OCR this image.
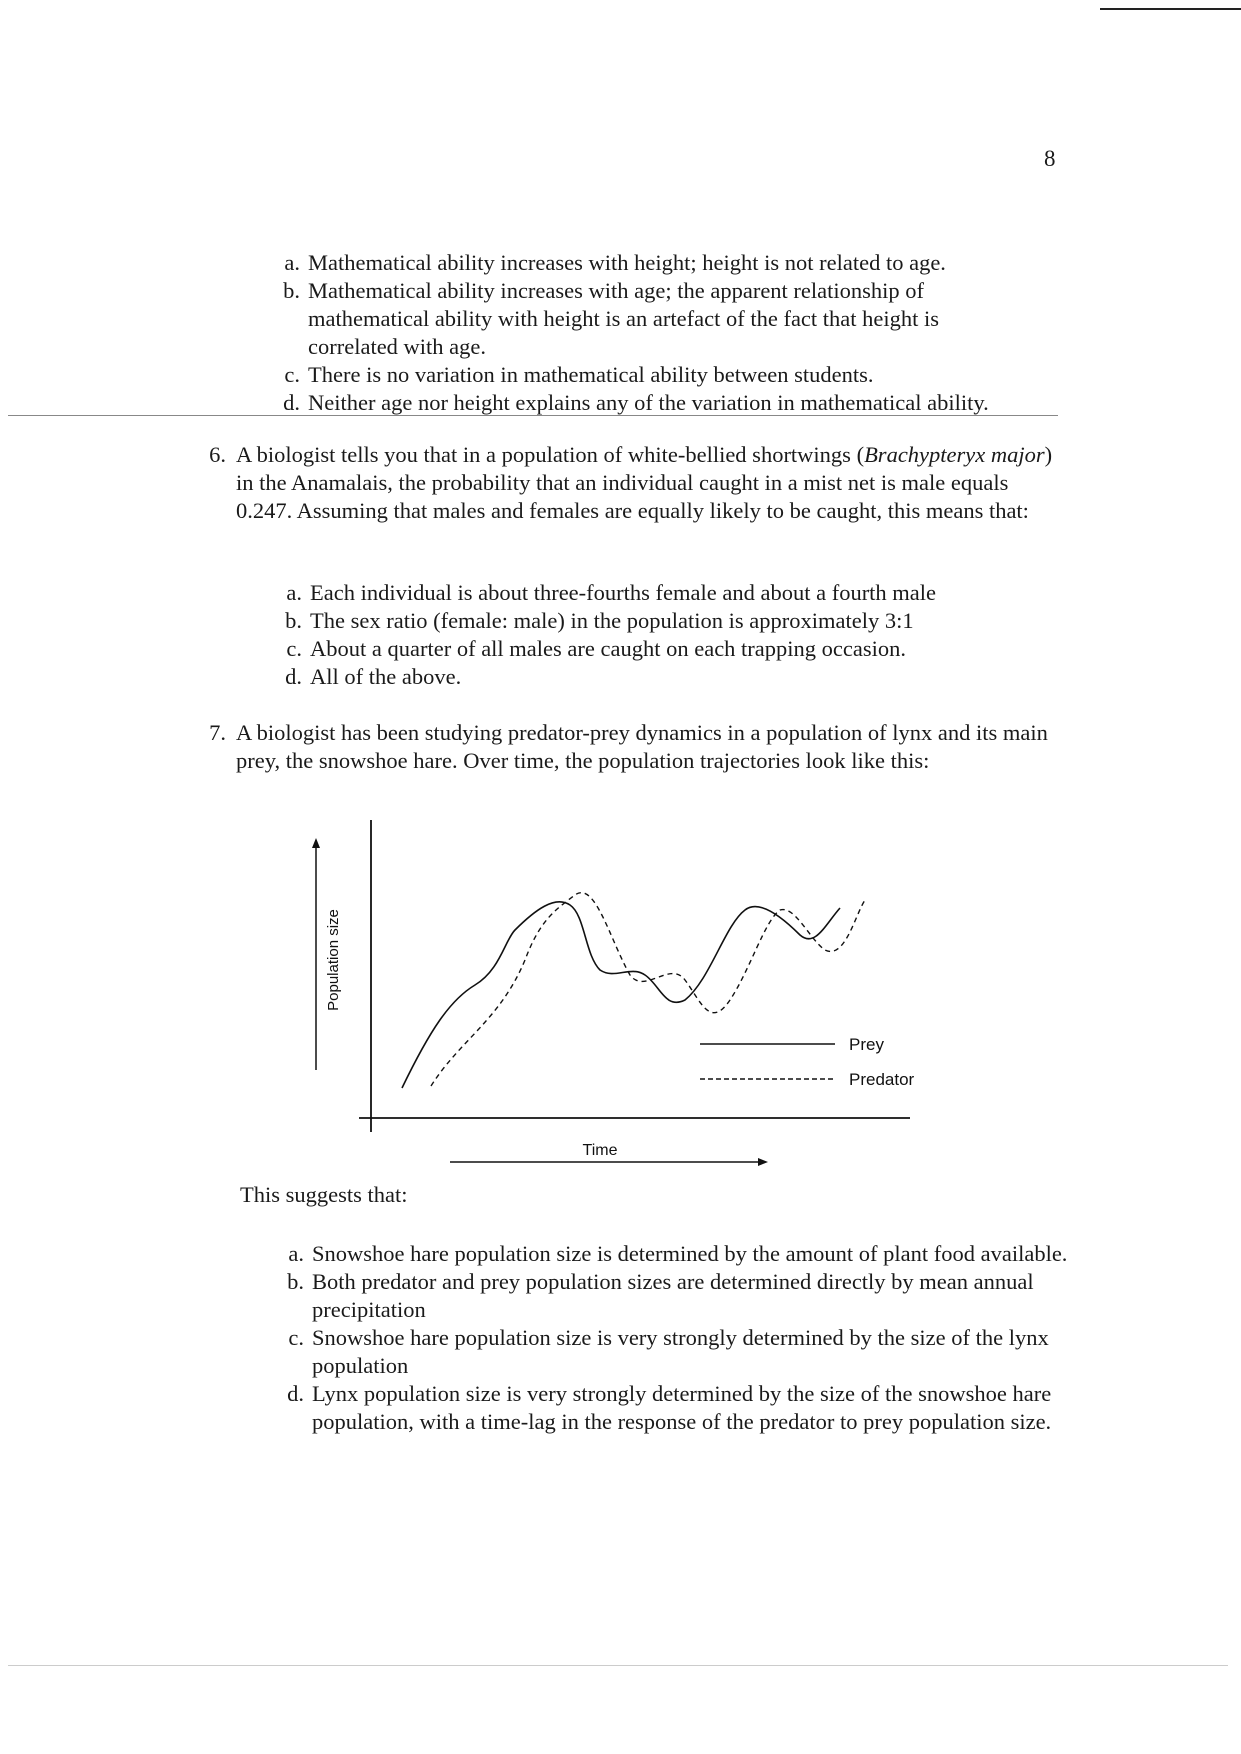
8
a. Mathematical ability increases with height; height is not related to age.
b. Mathematical ability increases with age; the apparent relationship of mathematical ability with height is an artefact of the fact that height is correlated with age.
c. There is no variation in mathematical ability between students.
d. Neither age nor height explains any of the variation in mathematical ability.
6. A biologist tells you that in a population of white-bellied shortwings (Brachypteryx major) in the Anamalais, the probability that an individual caught in a mist net is male equals 0.247. Assuming that males and females are equally likely to be caught, this means that:
a. Each individual is about three-fourths female and about a fourth male
b. The sex ratio (female: male) in the population is approximately 3:1
c. About a quarter of all males are caught on each trapping occasion.
d. All of the above.
7. A biologist has been studying predator-prey dynamics in a population of lynx and its main prey, the snowshoe hare. Over time, the population trajectories look like this:
Population size
Prey
Predator
Time
This suggests that:
a. Snowshoe hare population size is determined by the amount of plant food available.
b. Both predator and prey population sizes are determined directly by mean annual precipitation
c. Snowshoe hare population size is very strongly determined by the size of the lynx population
d. Lynx population size is very strongly determined by the size of the snowshoe hare population, with a time-lag in the response of the predator to prey population size.
